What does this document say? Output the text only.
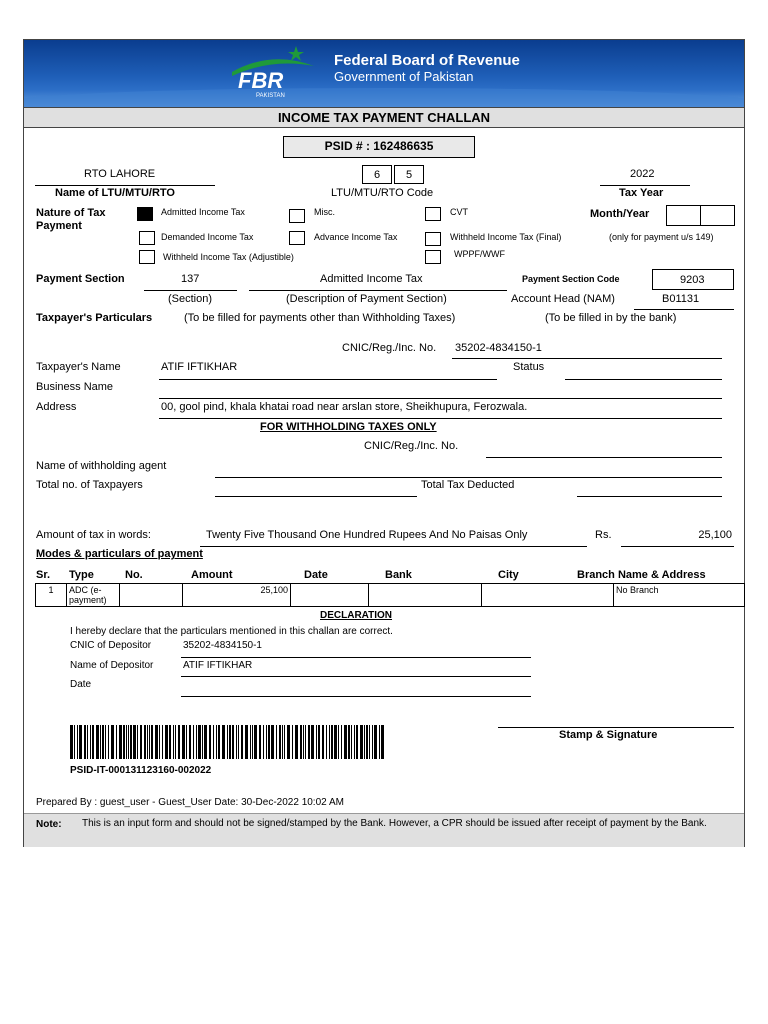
FBR
PAKISTAN
Federal Board of Revenue
Government of Pakistan
INCOME TAX PAYMENT CHALLAN
PSID # : 162486635
RTO LAHORE
Name of LTU/MTU/RTO
6 5
LTU/MTU/RTO Code
2022
Tax Year
Nature of Tax Payment
Admitted Income Tax	Misc.	CVT
Demanded Income Tax	Advance Income Tax	Withheld Income Tax (Final)
Withheld Income Tax (Adjustible)	WPPF/WWF
Month/Year
(only for payment u/s 149)
Payment Section	137
(Section)
Admitted Income Tax
(Description of Payment Section)
Payment Section Code	9203
Account Head (NAM)	B01131
Taxpayer's Particulars	(To be filled for payments other than Withholding Taxes)	(To be filled in by the bank)
CNIC/Reg./Inc. No. 35202-4834150-1
Taxpayer's Name	ATIF IFTIKHAR	Status
Business Name
Address	00, gool pind, khala khatai road near arslan store, Sheikhupura, Ferozwala.
FOR WITHHOLDING TAXES ONLY
CNIC/Reg./Inc. No.
Name of withholding agent
Total no. of Taxpayers	Total Tax Deducted
Amount of tax in words:	Twenty Five Thousand One Hundred Rupees And No Paisas Only	Rs.	25,100
Modes & particulars of payment
Sr. Type	No.	Amount	Date	Bank	City	Branch Name & Address
1	ADC (e-payment)		25,100				No Branch
DECLARATION
I hereby declare that the particulars mentioned in this challan are correct.
CNIC of Depositor	35202-4834150-1
Name of Depositor	ATIF IFTIKHAR
Date
PSID-IT-000131123160-002022
Stamp & Signature
Prepared By : guest_user - Guest_User Date: 30-Dec-2022 10:02 AM
Note: This is an input form and should not be signed/stamped by the Bank. However, a CPR should be issued after receipt of payment by the Bank.
